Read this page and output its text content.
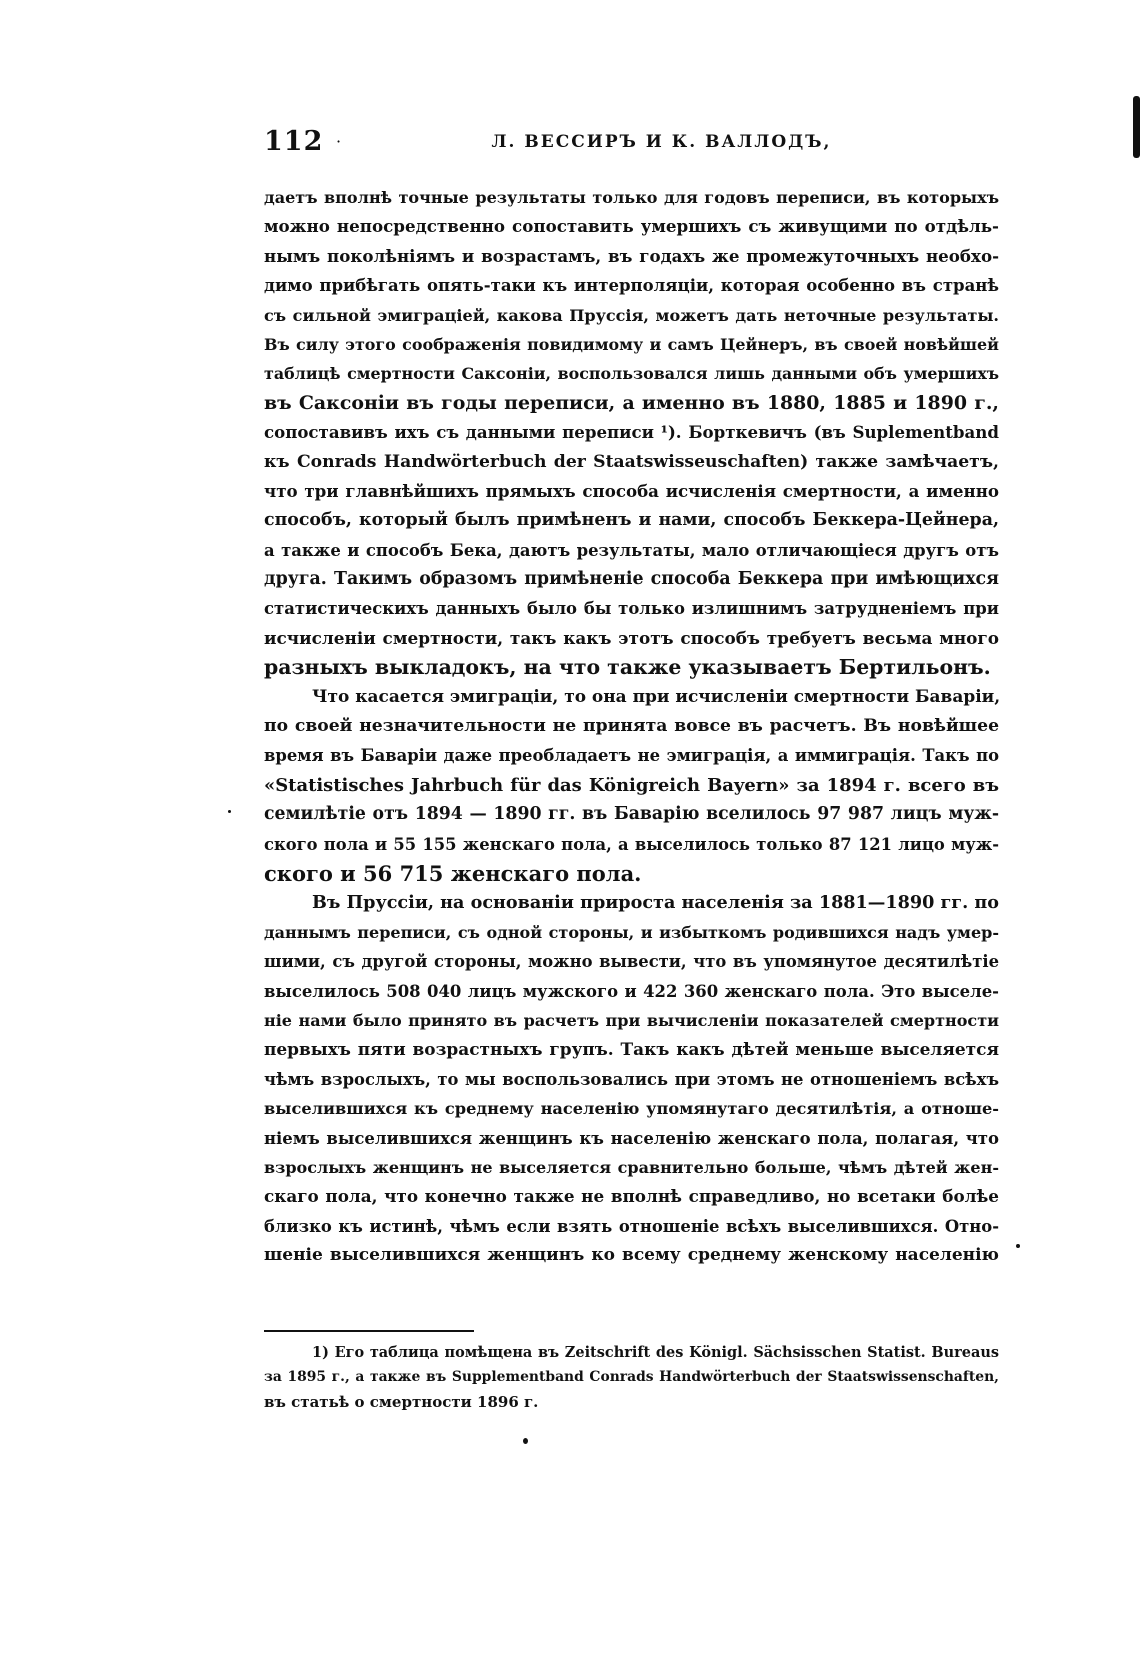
112 ·	Л. ВЕССИРЪ И К. ВАЛЛОДЪ,
даетъ вполнѣ точные результаты только для годовъ переписи, въ которыхъ
можно непосредственно сопоставить умершихъ съ живущими по отдѣль-
нымъ поколѣніямъ и возрастамъ, въ годахъ же промежуточныхъ необхо-
димо прибѣгать опять-таки къ интерполяціи, которая особенно въ странѣ
съ сильной эмиграціей, какова Пруссія, можетъ дать неточные результаты.
Въ силу этого соображенія повидимому и самъ Цейнеръ, въ своей новѣйшей
таблицѣ смертности Саксоніи, воспользовался лишь данными объ умершихъ
въ Саксоніи въ годы переписи, а именно въ 1880, 1885 и 1890 г.,
сопоставивъ ихъ съ данными переписи ¹). Борткевичъ (въ Suplementband
къ Conrads Handwörterbuch der Staatswisseuschaften) также замѣчаетъ,
что три главнѣйшихъ прямыхъ способа исчисленія смертности, а именно
способъ, который былъ примѣненъ и нами, способъ Беккера-Цейнера,
а также и способъ Бека, даютъ результаты, мало отличающіеся другъ отъ
друга. Такимъ образомъ примѣненіе способа Беккера при имѣющихся
статистическихъ данныхъ было бы только излишнимъ затрудненіемъ при
исчисленіи смертности, такъ какъ этотъ способъ требуетъ весьма много
разныхъ выкладокъ, на что также указываетъ Бертильонъ.
Что касается эмиграціи, то она при исчисленіи смертности Баваріи,
по своей незначительности не принята вовсе въ расчетъ. Въ новѣйшее
время въ Баваріи даже преобладаетъ не эмиграція, а иммиграція. Такъ по
«Statistisches Jahrbuch für das Königreich Bayern» за 1894 г. всего въ
семилѣтіе отъ 1894 — 1890 гг. въ Баварію вселилось 97 987 лицъ муж-
ского пола и 55 155 женскаго пола, а выселилось только 87 121 лицо муж-
ского и 56 715 женскаго пола.
Въ Пруссіи, на основаніи прироста населенія за 1881—1890 гг. по
даннымъ переписи, съ одной стороны, и избыткомъ родившихся надъ умер-
шими, съ другой стороны, можно вывести, что въ упомянутое десятилѣтіе
выселилось 508 040 лицъ мужского и 422 360 женскаго пола. Это выселе-
ніе нами было принято въ расчетъ при вычисленіи показателей смертности
первыхъ пяти возрастныхъ групъ. Такъ какъ дѣтей меньше выселяется
чѣмъ взрослыхъ, то мы воспользовались при этомъ не отношеніемъ всѣхъ
выселившихся къ среднему населенію упомянутаго десятилѣтія, а отноше-
ніемъ выселившихся женщинъ къ населенію женскаго пола, полагая, что
взрослыхъ женщинъ не выселяется сравнительно больше, чѣмъ дѣтей жен-
скаго пола, что конечно также не вполнѣ справедливо, но всетаки болѣе
близко къ истинѣ, чѣмъ если взять отношеніе всѣхъ выселившихся. Отно-
шеніе выселившихся женщинъ ко всему среднему женскому населенію
1) Его таблица помѣщена въ Zeitschrift des Königl. Sächsisschen Statist. Bureaus
за 1895 г., а также въ Supplementband Conrads Handwörterbuch der Staatswissenschaften,
въ статьѣ о смертности 1896 г.
